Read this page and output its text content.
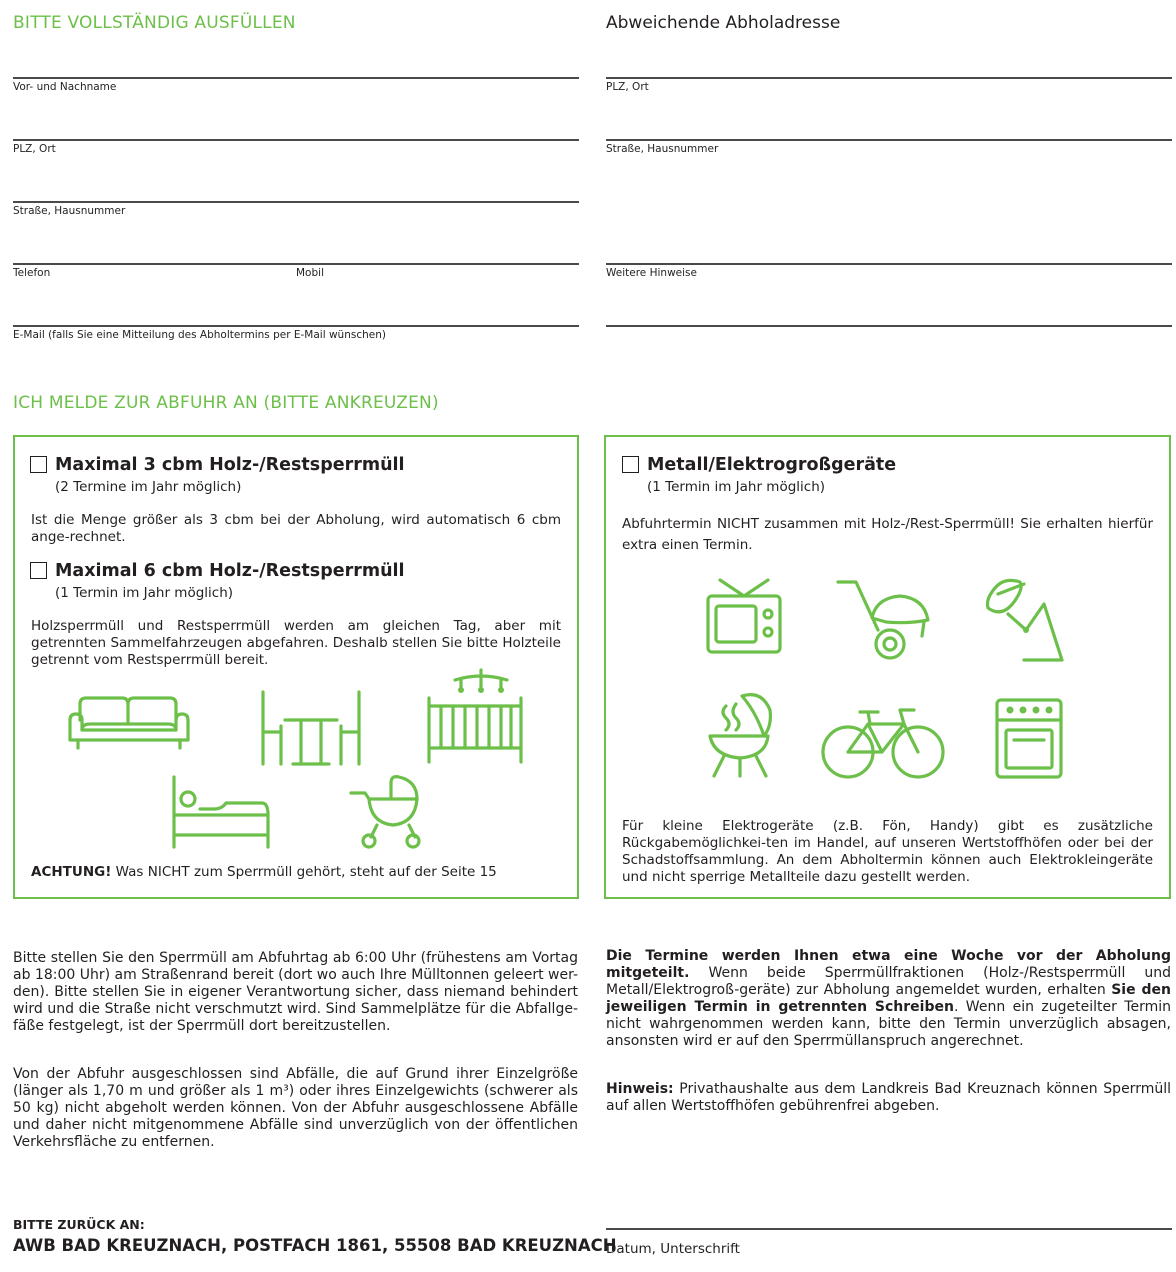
BITTE VOLLSTÄNDIG AUSFÜLLEN
Vor- und Nachname
PLZ, Ort
Straße, Hausnummer
Telefon	Mobil
E-Mail (falls Sie eine Mitteilung des Abholtermins per E-Mail wünschen)
Abweichende Abholadresse
PLZ, Ort
Straße, Hausnummer
Weitere Hinweise
ICH MELDE ZUR ABFUHR AN (BITTE ANKREUZEN)
Maximal 3 cbm Holz-/Restsperrmüll
(2 Termine im Jahr möglich)
Ist die Menge größer als 3 cbm bei der Abholung, wird automatisch 6 cbm ange-rechnet.
Maximal 6 cbm Holz-/Restsperrmüll
(1 Termin im Jahr möglich)
Holzsperrmüll und Restsperrmüll werden am gleichen Tag, aber mit getrennten Sammelfahrzeugen abgefahren. Deshalb stellen Sie bitte Holzteile getrennt vom Restsperrmüll bereit.
ACHTUNG! Was NICHT zum Sperrmüll gehört, steht auf der Seite 15
Metall/Elektrogroßgeräte
(1 Termin im Jahr möglich)
Abfuhrtermin NICHT zusammen mit Holz-/Rest-Sperrmüll! Sie erhalten hierfür extra einen Termin.
Für kleine Elektrogeräte (z.B. Fön, Handy) gibt es zusätzliche Rückgabemöglichkei-ten im Handel, auf unseren Wertstoffhöfen oder bei der Schadstoffsammlung. An dem Abholtermin können auch Elektrokleingeräte und nicht sperrige Metallteile dazu gestellt werden.
Bitte stellen Sie den Sperrmüll am Abfuhrtag ab 6:00 Uhr (frühestens am Vortag ab 18:00 Uhr) am Straßenrand bereit (dort wo auch Ihre Mülltonnen geleert wer-den). Bitte stellen Sie in eigener Verantwortung sicher, dass niemand behindert wird und die Straße nicht verschmutzt wird. Sind Sammelplätze für die Abfallge-fäße festgelegt, ist der Sperrmüll dort bereitzustellen.
Von der Abfuhr ausgeschlossen sind Abfälle, die auf Grund ihrer Einzelgröße (länger als 1,70 m und größer als 1 m³) oder ihres Einzelgewichts (schwerer als 50 kg) nicht abgeholt werden können. Von der Abfuhr ausgeschlossene Abfälle und daher nicht mitgenommene Abfälle sind unverzüglich von der öffentlichen Verkehrsfläche zu entfernen.
Die Termine werden Ihnen etwa eine Woche vor der Abholung mitgeteilt. Wenn beide Sperrmüllfraktionen (Holz-/Restsperrmüll und Metall/Elektrogroß-geräte) zur Abholung angemeldet wurden, erhalten Sie den jeweiligen Termin in getrennten Schreiben. Wenn ein zugeteilter Termin nicht wahrgenommen werden kann, bitte den Termin unverzüglich absagen, ansonsten wird er auf den Sperrmüllanspruch angerechnet.
Hinweis: Privathaushalte aus dem Landkreis Bad Kreuznach können Sperrmüll auf allen Wertstoffhöfen gebührenfrei abgeben.
BITTE ZURÜCK AN:
AWB BAD KREUZNACH, POSTFACH 1861, 55508 BAD KREUZNACH
Datum, Unterschrift
